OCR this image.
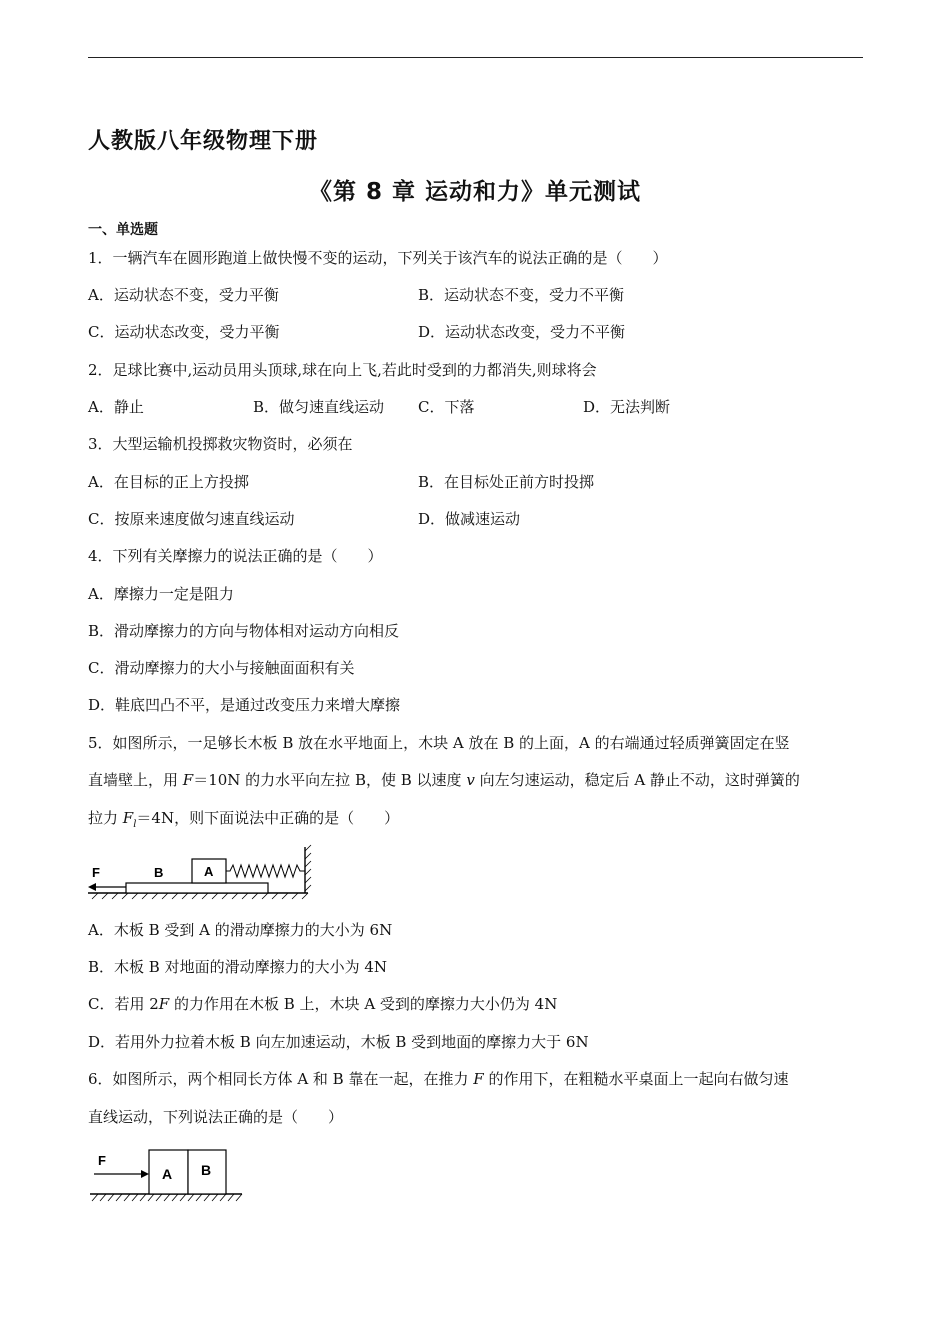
人教版八年级物理下册
《第 8 章 运动和力》单元测试
一、单选题
1．一辆汽车在圆形跑道上做快慢不变的运动，下列关于该汽车的说法正确的是（　　）
A．运动状态不变，受力平衡	B．运动状态不变，受力不平衡
C．运动状态改变，受力平衡	D．运动状态改变，受力不平衡
2．足球比赛中,运动员用头顶球,球在向上飞,若此时受到的力都消失,则球将会
A．静止	B．做匀速直线运动 C．下落	D．无法判断
3．大型运输机投掷救灾物资时，必须在
A．在目标的正上方投掷	B．在目标处正前方时投掷
C．按原来速度做匀速直线运动	D．做减速运动
4．下列有关摩擦力的说法正确的是（　　）
A．摩擦力一定是阻力
B．滑动摩擦力的方向与物体相对运动方向相反
C．滑动摩擦力的大小与接触面面积有关
D．鞋底凹凸不平，是通过改变压力来增大摩擦
5．如图所示，一足够长木板 B 放在水平地面上，木块 A 放在 B 的上面，A 的右端通过轻质弹簧固定在竖
直墙壁上，用 F＝10N 的力水平向左拉 B，使 B 以速度 v 向左匀速运动，稳定后 A 静止不动，这时弹簧的
拉力 $F_l=4N$，则下面说法中正确的是（　　）
F	B	A
A．木板 B 受到 A 的滑动摩擦力的大小为 6N
B．木板 B 对地面的滑动摩擦力的大小为 4N
C．若用 2F 的力作用在木板 B 上，木块 A 受到的摩擦力大小仍为 4N
D．若用外力拉着木板 B 向左加速运动，木板 B 受到地面的摩擦力大于 6N
6．如图所示，两个相同长方体 A 和 B 靠在一起，在推力 F 的作用下，在粗糙水平桌面上一起向右做匀速
直线运动，下列说法正确的是（　　）
F
A B
